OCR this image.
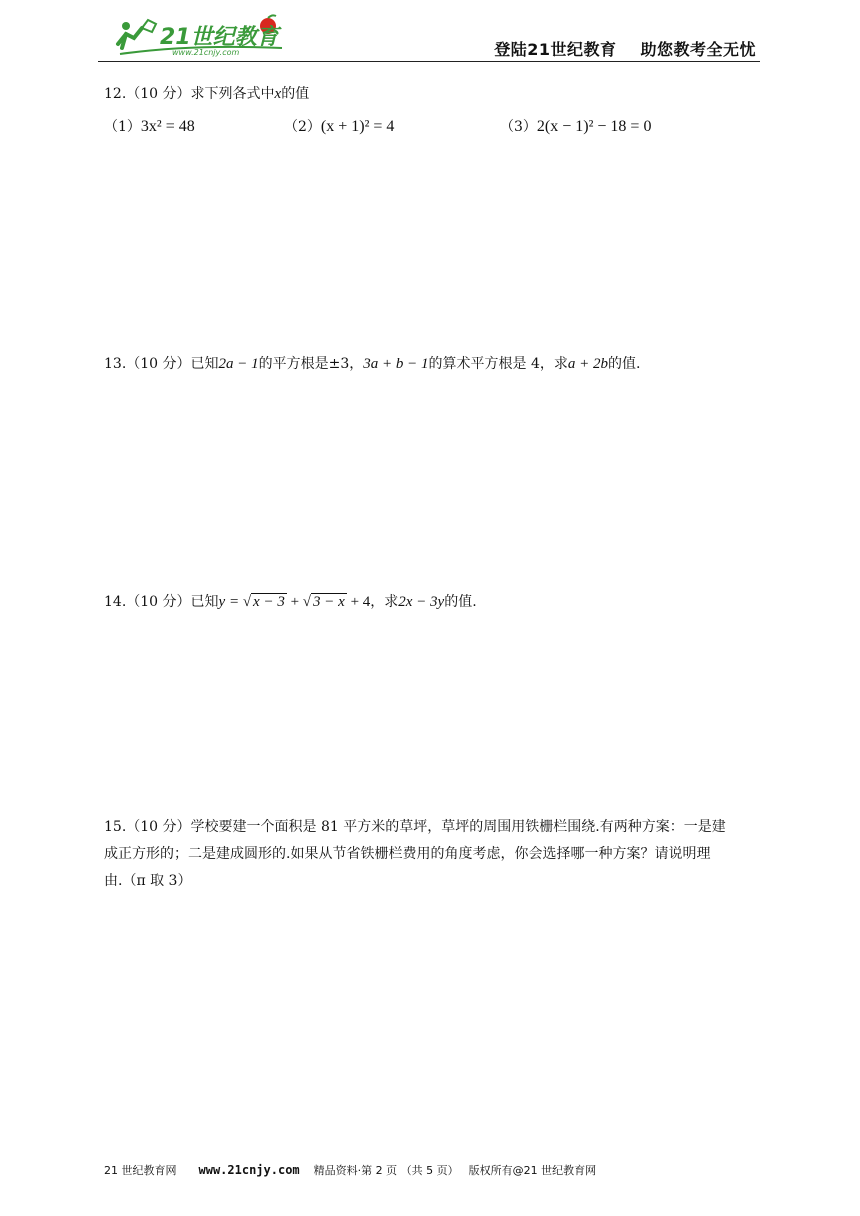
21世纪教育
www.21cnjy.com	登陆21世纪教育 助您教考全无忧
12.（10 分）求下列各式中x的值
（1）3x² = 48	（2）(x + 1)² = 4	（3）2(x − 1)² − 18 = 0
13.（10 分）已知2a − 1的平方根是±3，3a + b − 1的算术平方根是 4，求a + 2b的值.
14.（10 分）已知y = √ x − 3 + √ 3 − x + 4，求2x − 3y的值.

15.（10 分）学校要建一个面积是 81 平方米的草坪，草坪的周围用铁栅栏围绕.有两种方案：一是建

成正方形的；二是建成圆形的.如果从节省铁栅栏费用的角度考虑，你会选择哪一种方案？请说明理

由.（π 取 3）

21 世纪教育网 www.21cnjy.com 精品资料·第 2 页 （共 5 页） 版权所有@21 世纪教育网
